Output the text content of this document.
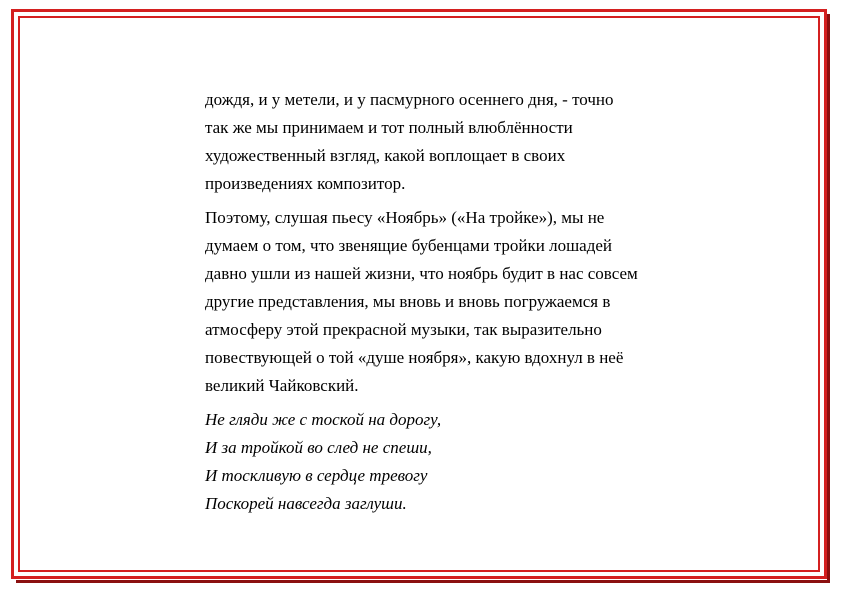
дождя, и у метели, и у пасмурного осеннего дня, - точно
так же мы принимаем и тот полный влюблённости
художественный взгляд, какой воплощает в своих
произведениях композитор.

Поэтому, слушая пьесу «Ноябрь» («На тройке»), мы не
думаем о том, что звенящие бубенцами тройки лошадей
давно ушли из нашей жизни, что ноябрь будит в нас совсем
другие представления, мы вновь и вновь погружаемся в
атмосферу этой прекрасной музыки, так выразительно
повествующей о той «душе ноября», какую вдохнул в неё
великий Чайковский.

Не гляди же с тоской на дорогу,
И за тройкой во след не спеши,
И тоскливую в сердце тревогу
Поскорей навсегда заглуши.
